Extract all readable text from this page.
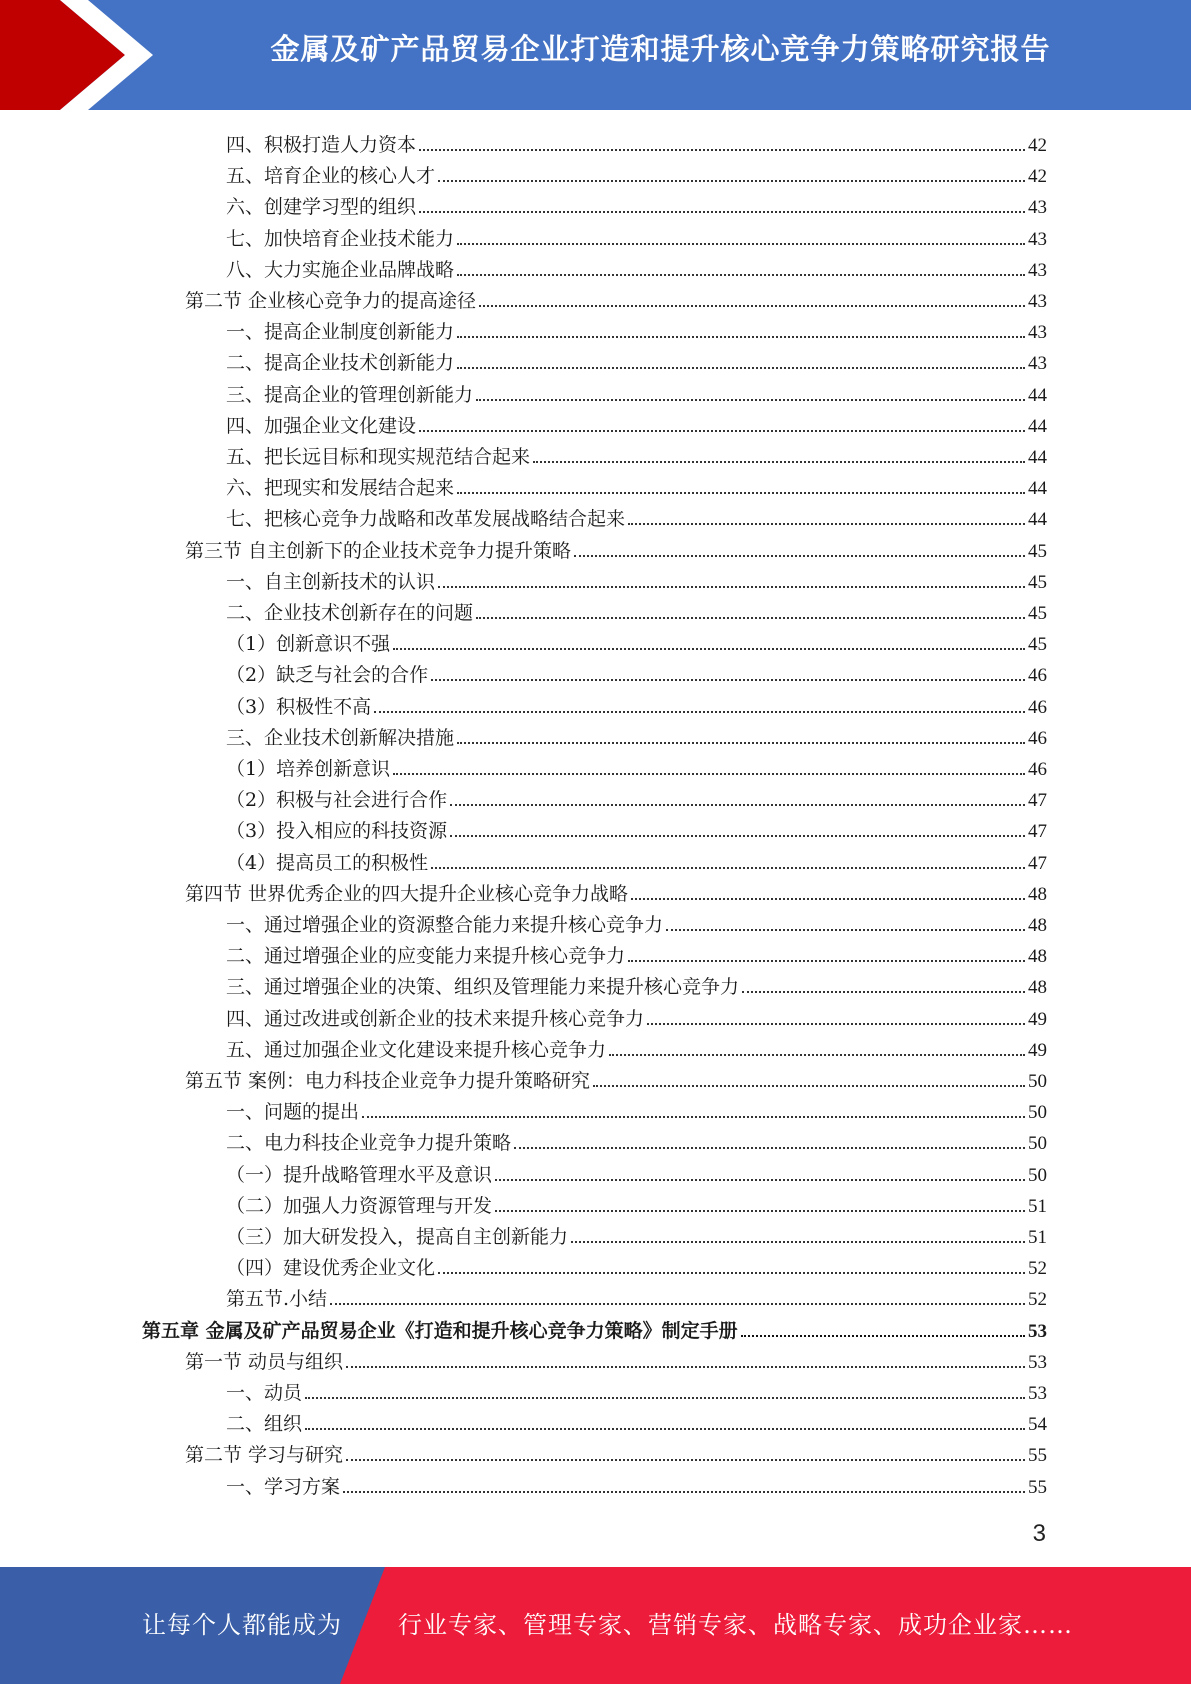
金属及矿产品贸易企业打造和提升核心竞争力策略研究报告
四、积极打造人力资本	42
五、培育企业的核心人才	42
六、创建学习型的组织	43
七、加快培育企业技术能力	43
八、大力实施企业品牌战略	43
第二节 企业核心竞争力的提高途径	43
一、提高企业制度创新能力	43
二、提高企业技术创新能力	43
三、提高企业的管理创新能力	44
四、加强企业文化建设	44
五、把长远目标和现实规范结合起来	44
六、把现实和发展结合起来	44
七、把核心竞争力战略和改革发展战略结合起来	44
第三节 自主创新下的企业技术竞争力提升策略	45
一、自主创新技术的认识	45
二、企业技术创新存在的问题	45
（1）创新意识不强	45
（2）缺乏与社会的合作	46
（3）积极性不高	46
三、企业技术创新解决措施	46
（1）培养创新意识	46
（2）积极与社会进行合作	47
（3）投入相应的科技资源	47
（4）提高员工的积极性	47
第四节 世界优秀企业的四大提升企业核心竞争力战略	48
一、通过增强企业的资源整合能力来提升核心竞争力	48
二、通过增强企业的应变能力来提升核心竞争力	48
三、通过增强企业的决策、组织及管理能力来提升核心竞争力	48
四、通过改进或创新企业的技术来提升核心竞争力	49
五、通过加强企业文化建设来提升核心竞争力	49
第五节 案例：电力科技企业竞争力提升策略研究	50
一、问题的提出	50
二、电力科技企业竞争力提升策略	50
（一）提升战略管理水平及意识	50
（二）加强人力资源管理与开发	51
（三）加大研发投入，提高自主创新能力	51
（四）建设优秀企业文化	52
第五节.小结	52
第五章 金属及矿产品贸易企业《打造和提升核心竞争力策略》制定手册	53
第一节 动员与组织	53
一、动员	53
二、组织	54
第二节 学习与研究	55
一、学习方案	55
3
让每个人都能成为 行业专家、管理专家、营销专家、战略专家、成功企业家……
